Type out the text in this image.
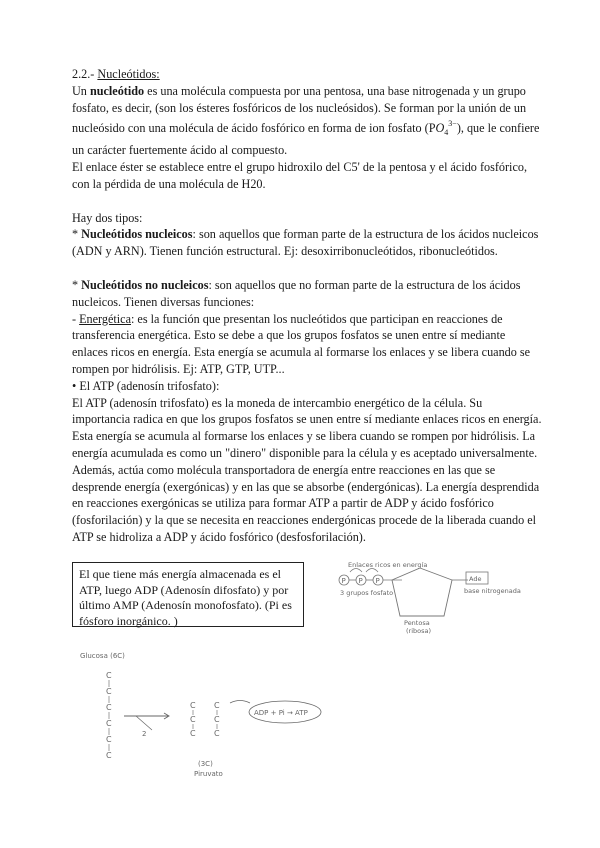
2.2.- Nucleótidos:

Un nucleótido es una molécula compuesta por una pentosa, una base nitrogenada y un grupo fosfato, es decir, (son los ésteres fosfóricos de los nucleósidos). Se forman por la unión de un nucleósido con una molécula de ácido fosfórico en forma de ion fosfato $(PO_4^{3-})$, que le confiere un carácter fuertemente ácido al compuesto.

El enlace éster se establece entre el grupo hidroxilo del C5' de la pentosa y el ácido fosfórico, con la pérdida de una molécula de H20.

Hay dos tipos:

* Nucleótidos nucleicos: son aquellos que forman parte de la estructura de los ácidos nucleicos

(ADN y ARN). Tienen función estructural. Ej: desoxirribonucleótidos, ribonucleótidos.

* Nucleótidos no nucleicos: son aquellos que no forman parte de la estructura de los ácidos nucleicos. Tienen diversas funciones:

- Energética: es la función que presentan los nucleótidos que participan en reacciones de transferencia energética. Esto se debe a que los grupos fosfatos se unen entre sí mediante enlaces ricos en energía. Esta energía se acumula al formarse los enlaces y se libera cuando se rompen por hidrólisis. Ej: ATP, GTP, UTP...

• El ATP (adenosín trifosfato):

El ATP (adenosín trifosfato) es la moneda de intercambio energético de la célula. Su importancia radica en que los grupos fosfatos se unen entre sí mediante enlaces ricos en energía. Esta energía se acumula al formarse los enlaces y se libera cuando se rompen por hidrólisis. La energía acumulada es como un "dinero" disponible para la célula y es aceptado universalmente. Además, actúa como molécula transportadora de energía entre reacciones en las que se desprende energía (exergónicas) y en las que se absorbe (endergónicas). La energía desprendida en reacciones exergónicas se utiliza para formar ATP a partir de ADP y ácido fosfórico (fosforilación) y la que se necesita en reacciones endergónicas procede de la liberada cuando el ATP se hidroliza a ADP y ácido fosfórico (desfosforilación).

El que tiene más energía almacenada es el ATP, luego ADP (Adenosín difosfato) y por último AMP (Adenosín monofosfato). (Pi es fósforo inorgánico. )
Enlaces ricos en energía
P P P
3 grupos fosfato
Pentosa
(ribosa)
Ade
base nitrogenada
Glucosa (6C)
C
C
C
C
C
C
2
C
C
C
C
C
C
ADP + Pi → ATP
(3C)
Piruvato
